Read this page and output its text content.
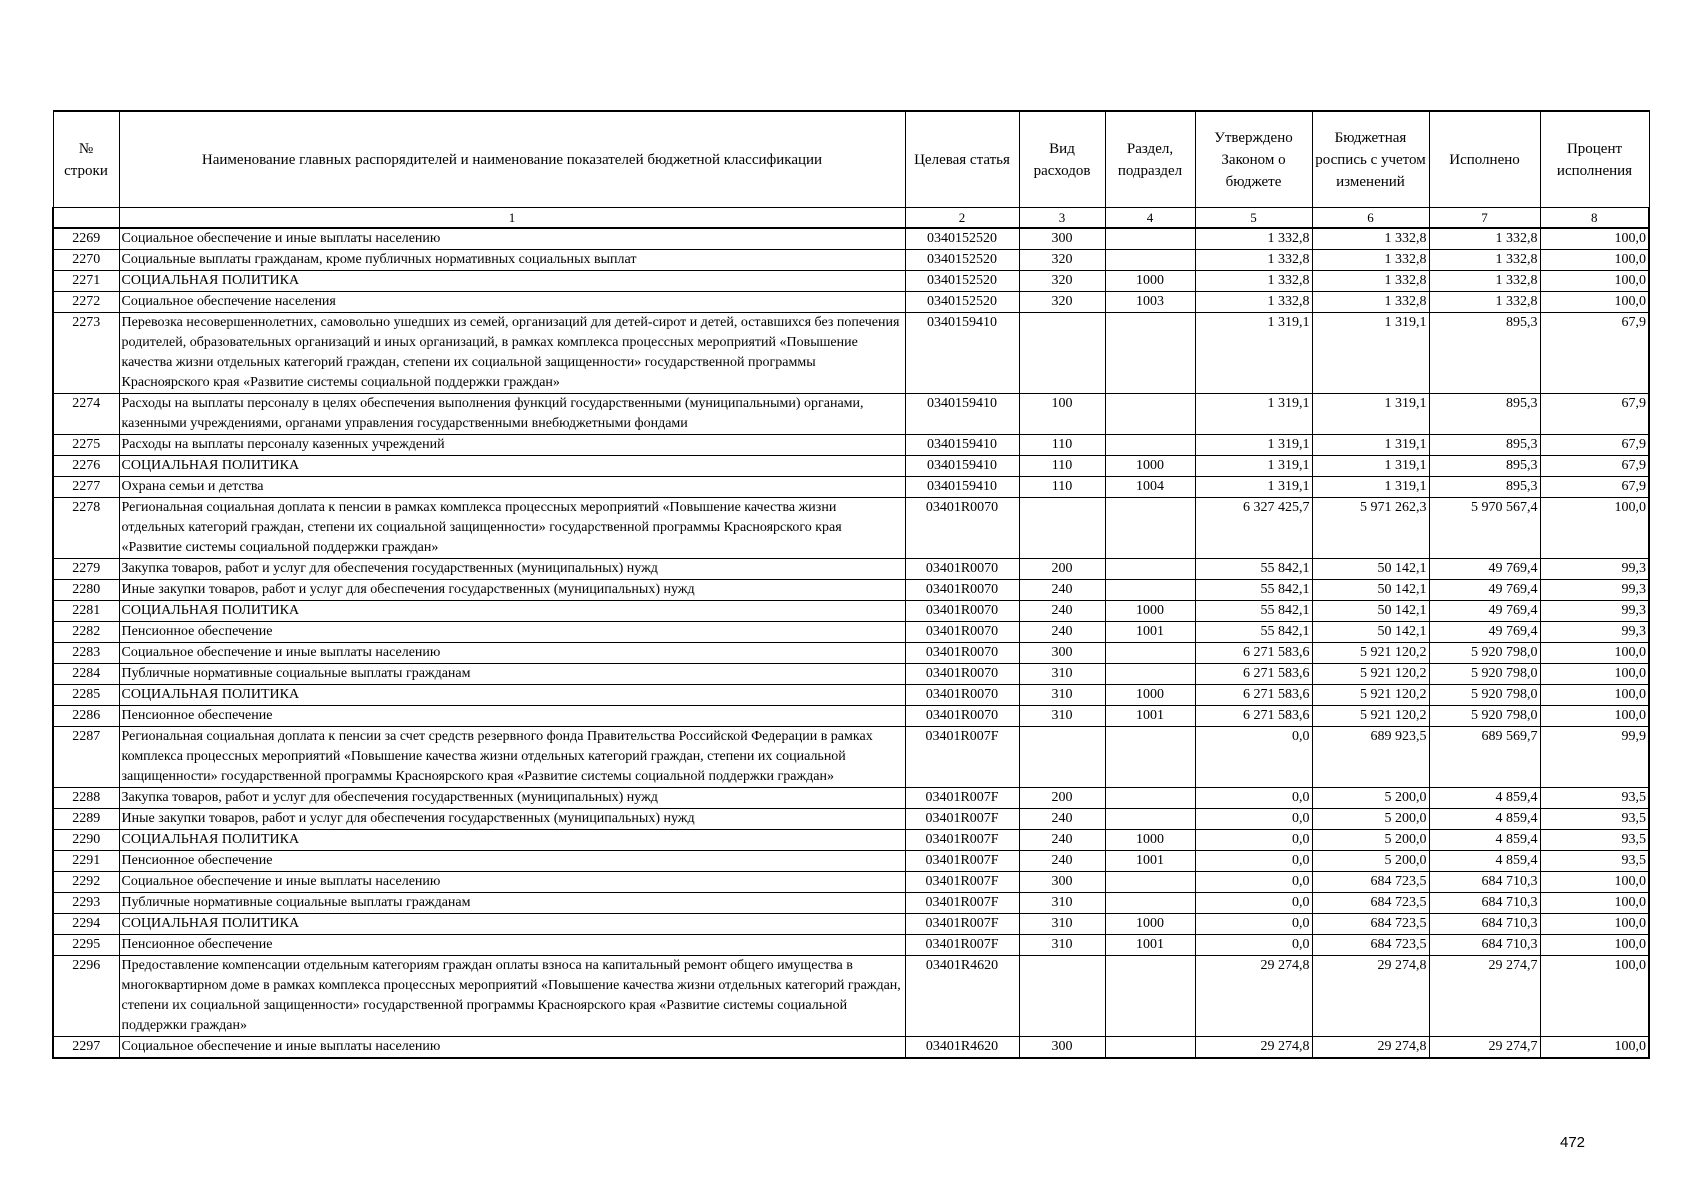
№ строки	Наименование главных распорядителей и наименование показателей бюджетной классификации	Целевая статья	Вид расходов	Раздел, подраздел	Утверждено Законом о бюджете	Бюджетная роспись с учетом изменений	Исполнено	Процент исполнения
	1	2	3	4	5	6	7	8
2269	Социальное обеспечение и иные выплаты населению	0340152520	300		1 332,8	1 332,8	1 332,8	100,0
2270	Социальные выплаты гражданам, кроме публичных нормативных социальных выплат	0340152520	320		1 332,8	1 332,8	1 332,8	100,0
2271	СОЦИАЛЬНАЯ ПОЛИТИКА	0340152520	320	1000	1 332,8	1 332,8	1 332,8	100,0
2272	Социальное обеспечение населения	0340152520	320	1003	1 332,8	1 332,8	1 332,8	100,0
2273	Перевозка несовершеннолетних, самовольно ушедших из семей, организаций для детей-сирот и детей, оставшихся без попечения родителей, образовательных организаций и иных организаций, в рамках комплекса процессных мероприятий «Повышение качества жизни отдельных категорий граждан, степени их социальной защищенности» государственной программы Красноярского края «Развитие системы социальной поддержки граждан»	0340159410			1 319,1	1 319,1	895,3	67,9
2274	Расходы на выплаты персоналу в целях обеспечения выполнения функций государственными (муниципальными) органами, казенными учреждениями, органами управления государственными внебюджетными фондами	0340159410	100		1 319,1	1 319,1	895,3	67,9
2275	Расходы на выплаты персоналу казенных учреждений	0340159410	110		1 319,1	1 319,1	895,3	67,9
2276	СОЦИАЛЬНАЯ ПОЛИТИКА	0340159410	110	1000	1 319,1	1 319,1	895,3	67,9
2277	Охрана семьи и детства	0340159410	110	1004	1 319,1	1 319,1	895,3	67,9
2278	Региональная социальная доплата к пенсии в рамках комплекса процессных мероприятий «Повышение качества жизни отдельных категорий граждан, степени их социальной защищенности» государственной программы Красноярского края «Развитие системы социальной поддержки граждан»	03401R0070			6 327 425,7	5 971 262,3	5 970 567,4	100,0
2279	Закупка товаров, работ и услуг для обеспечения государственных (муниципальных) нужд	03401R0070	200		55 842,1	50 142,1	49 769,4	99,3
2280	Иные закупки товаров, работ и услуг для обеспечения государственных (муниципальных) нужд	03401R0070	240		55 842,1	50 142,1	49 769,4	99,3
2281	СОЦИАЛЬНАЯ ПОЛИТИКА	03401R0070	240	1000	55 842,1	50 142,1	49 769,4	99,3
2282	Пенсионное обеспечение	03401R0070	240	1001	55 842,1	50 142,1	49 769,4	99,3
2283	Социальное обеспечение и иные выплаты населению	03401R0070	300		6 271 583,6	5 921 120,2	5 920 798,0	100,0
2284	Публичные нормативные социальные выплаты гражданам	03401R0070	310		6 271 583,6	5 921 120,2	5 920 798,0	100,0
2285	СОЦИАЛЬНАЯ ПОЛИТИКА	03401R0070	310	1000	6 271 583,6	5 921 120,2	5 920 798,0	100,0
2286	Пенсионное обеспечение	03401R0070	310	1001	6 271 583,6	5 921 120,2	5 920 798,0	100,0
2287	Региональная социальная доплата к пенсии за счет средств резервного фонда Правительства Российской Федерации в рамках комплекса процессных мероприятий «Повышение качества жизни отдельных категорий граждан, степени их социальной защищенности» государственной программы Красноярского края «Развитие системы социальной поддержки граждан»	03401R007F			0,0	689 923,5	689 569,7	99,9
2288	Закупка товаров, работ и услуг для обеспечения государственных (муниципальных) нужд	03401R007F	200		0,0	5 200,0	4 859,4	93,5
2289	Иные закупки товаров, работ и услуг для обеспечения государственных (муниципальных) нужд	03401R007F	240		0,0	5 200,0	4 859,4	93,5
2290	СОЦИАЛЬНАЯ ПОЛИТИКА	03401R007F	240	1000	0,0	5 200,0	4 859,4	93,5
2291	Пенсионное обеспечение	03401R007F	240	1001	0,0	5 200,0	4 859,4	93,5
2292	Социальное обеспечение и иные выплаты населению	03401R007F	300		0,0	684 723,5	684 710,3	100,0
2293	Публичные нормативные социальные выплаты гражданам	03401R007F	310		0,0	684 723,5	684 710,3	100,0
2294	СОЦИАЛЬНАЯ ПОЛИТИКА	03401R007F	310	1000	0,0	684 723,5	684 710,3	100,0
2295	Пенсионное обеспечение	03401R007F	310	1001	0,0	684 723,5	684 710,3	100,0
2296	Предоставление компенсации отдельным категориям граждан оплаты взноса на капитальный ремонт общего имущества в многоквартирном доме в рамках комплекса процессных мероприятий «Повышение качества жизни отдельных категорий граждан, степени их социальной защищенности» государственной программы Красноярского края «Развитие системы социальной поддержки граждан»	03401R4620			29 274,8	29 274,8	29 274,7	100,0
2297	Социальное обеспечение и иные выплаты населению	03401R4620	300		29 274,8	29 274,8	29 274,7	100,0
472
